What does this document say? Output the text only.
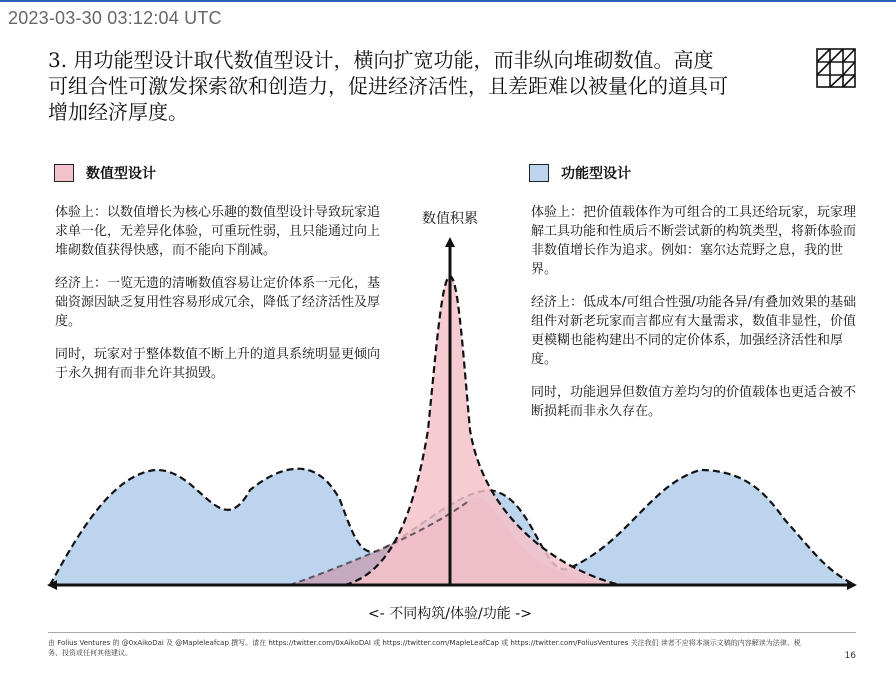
2023-03-30 03:12:04 UTC
3. 用功能型设计取代数值型设计，横向扩宽功能，而非纵向堆砌数值。高度可组合性可激发探索欲和创造力，促进经济活性，且差距难以被量化的道具可增加经济厚度。
数值型设计	功能型设计

体验上：以数值增长为核心乐趣的数值型设计导致玩家追求单一化，无差异化体验，可重玩性弱，且只能通过向上堆砌数值获得快感，而不能向下削减。

经济上：一览无遗的清晰数值容易让定价体系一元化，基础资源因缺乏复用性容易形成冗余，降低了经济活性及厚度。

同时，玩家对于整体数值不断上升的道具系统明显更倾向于永久拥有而非允许其损毁。

体验上：把价值载体作为可组合的工具还给玩家，玩家理解工具功能和性质后不断尝试新的构筑类型，将新体验而非数值增长作为追求。例如：塞尔达荒野之息，我的世界。

经济上：低成本/可组合性强/功能各异/有叠加效果的基础组件对新老玩家而言都应有大量需求，数值非显性，价值更模糊也能构建出不同的定价体系，加强经济活性和厚度。

同时，功能迥异但数值方差均匀的价值载体也更适合被不断损耗而非永久存在。

数值积累
<- 不同构筑/体验/功能 ->
由 Folius Ventures 的 @0xAikoDai 及 @Mapleleafcap 撰写。请在 https://twitter.com/0xAikoDAI 或 https://twitter.com/MapleLeafCap 或 https://twitter.com/FoliusVentures 关注我们 读者不应将本演示文稿的内容解读为法律、税务、投资或任何其他建议。	16
